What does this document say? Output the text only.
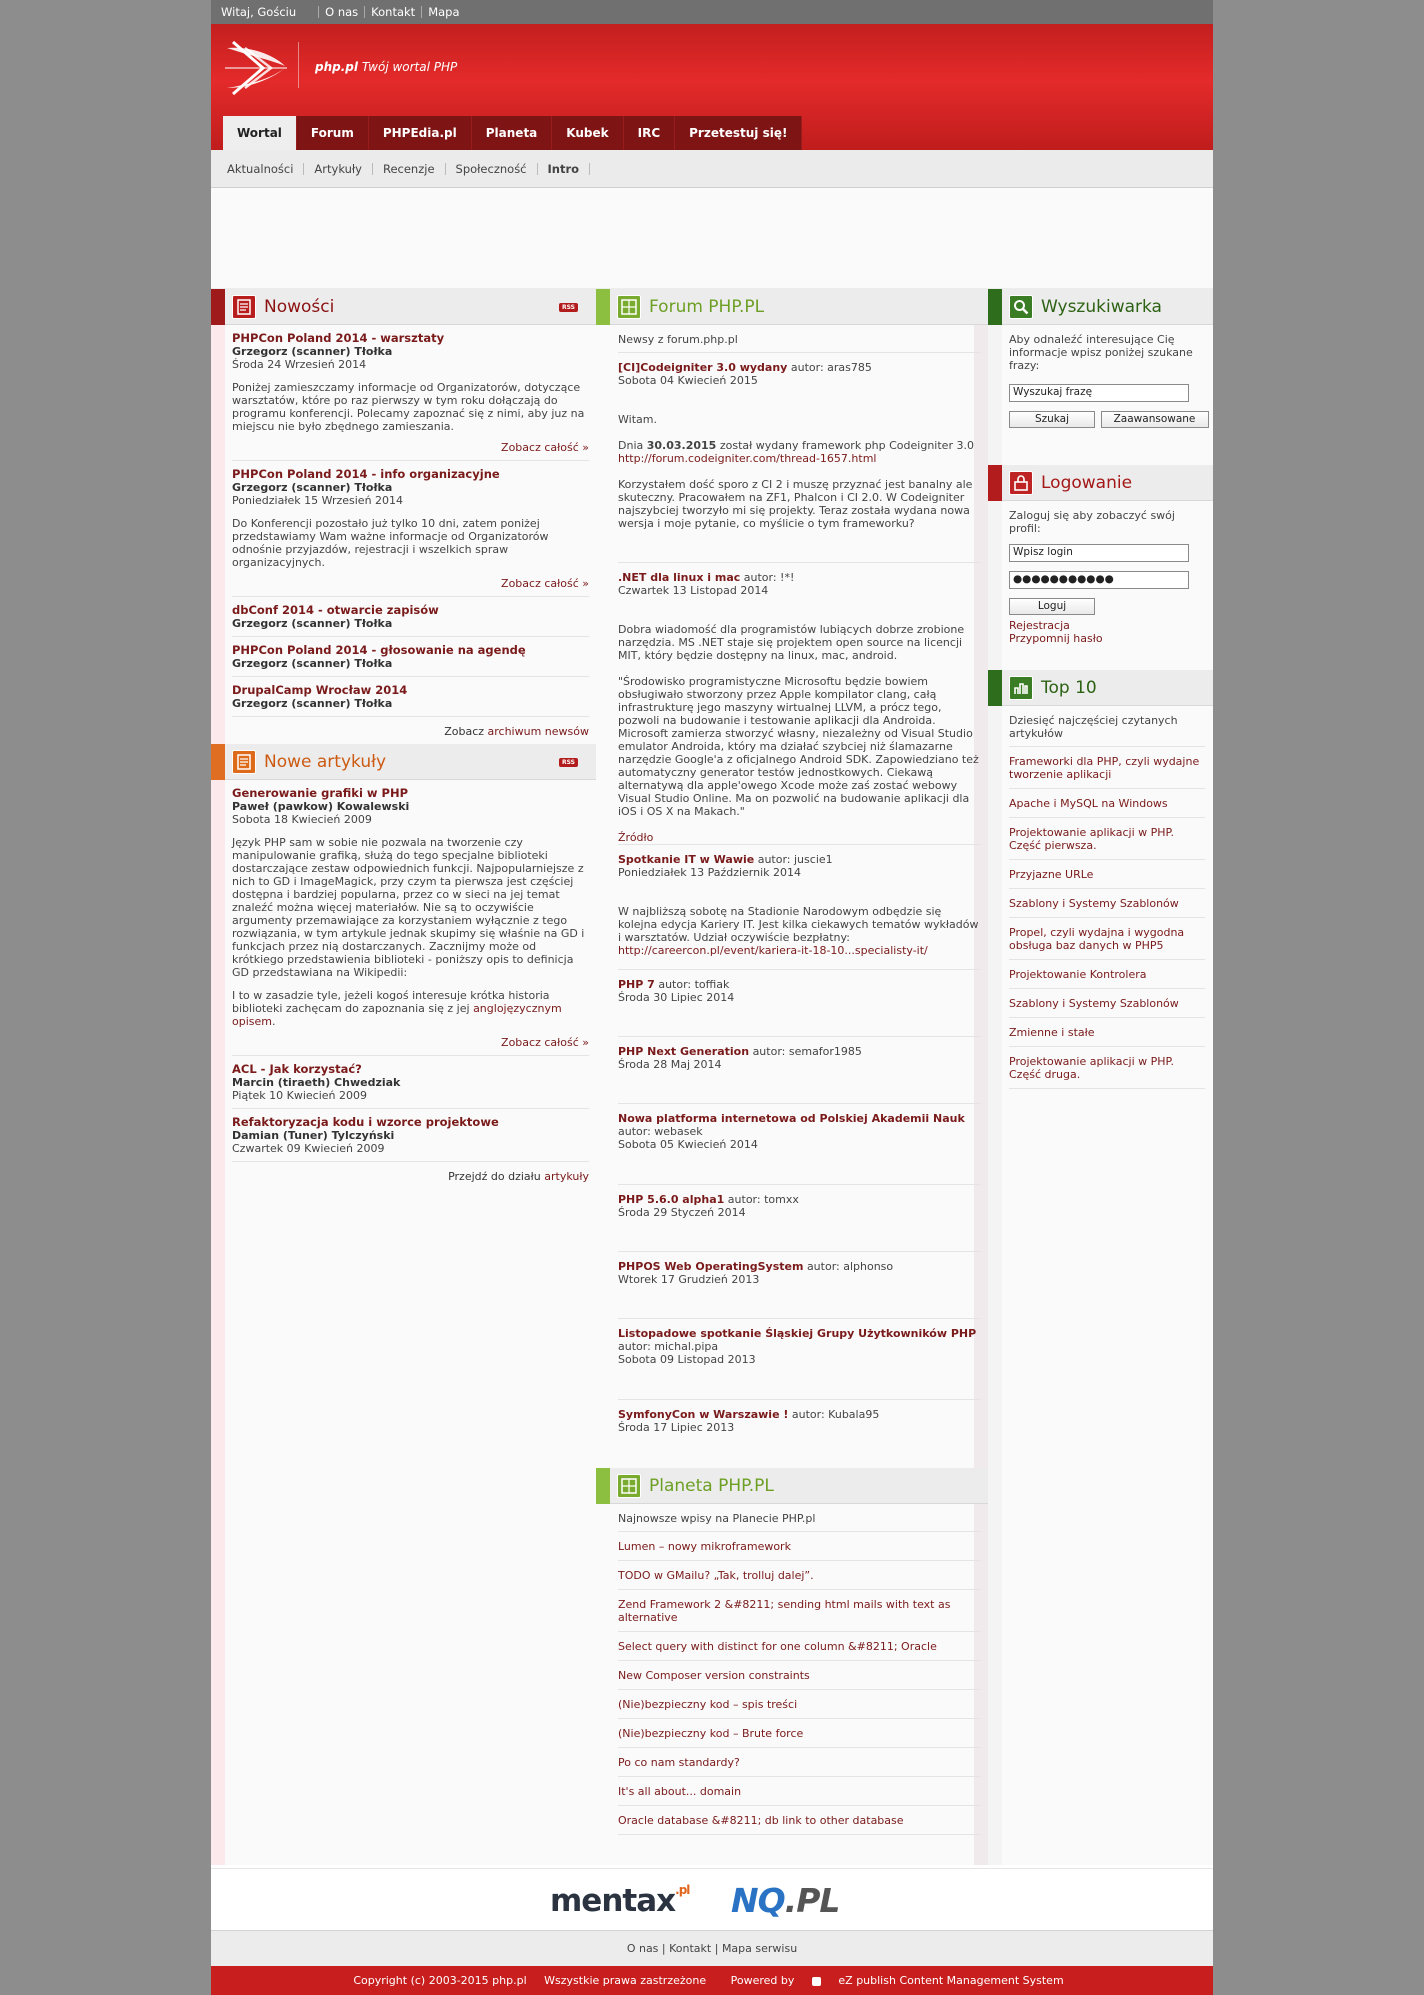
Witaj, Gościu	O nas Kontakt Mapa
php.pl Twój wortal PHP
Wortal	Forum	PHPEdia.pl	Planeta	Kubek	IRC	Przetestuj się!
Aktualności	Artykuły	Recenzje	Społeczność	Intro
Nowości	RSS
PHPCon Poland 2014 - warsztaty
Grzegorz (scanner) Tłołka
Środa 24 Wrzesień 2014
Poniżej zamieszczamy informacje od Organizatorów, dotyczące warsztatów, które po raz pierwszy w tym roku dołączają do programu konferencji. Polecamy zapoznać się z nimi, aby juz na miejscu nie było zbędnego zamieszania.
Zobacz całość »
PHPCon Poland 2014 - info organizacyjne
Grzegorz (scanner) Tłołka
Poniedziałek 15 Wrzesień 2014
Do Konferencji pozostało już tylko 10 dni, zatem poniżej przedstawiamy Wam ważne informacje od Organizatorów odnośnie przyjazdów, rejestracji i wszelkich spraw organizacyjnych.
Zobacz całość »
dbConf 2014 - otwarcie zapisów
Grzegorz (scanner) Tłołka
PHPCon Poland 2014 - głosowanie na agendę
Grzegorz (scanner) Tłołka
DrupalCamp Wrocław 2014
Grzegorz (scanner) Tłołka
Zobacz archiwum newsów
Nowe artykuły	RSS
Generowanie grafiki w PHP
Paweł (pawkow) Kowalewski
Sobota 18 Kwiecień 2009
Język PHP sam w sobie nie pozwala na tworzenie czy manipulowanie grafiką, służą do tego specjalne biblioteki dostarczające zestaw odpowiednich funkcji. Najpopularniejsze z nich to GD i ImageMagick, przy czym ta pierwsza jest częściej dostępna i bardziej popularna, przez co w sieci na jej temat znaleźć można więcej materiałów. Nie są to oczywiście argumenty przemawiające za korzystaniem wyłącznie z tego rozwiązania, w tym artykule jednak skupimy się właśnie na GD i funkcjach przez nią dostarczanych. Zacznijmy może od krótkiego przedstawienia biblioteki - poniższy opis to definicja GD przedstawiana na Wikipedii:
I to w zasadzie tyle, jeżeli kogoś interesuje krótka historia biblioteki zachęcam do zapoznania się z jej anglojęzycznym opisem.
Zobacz całość »
ACL - Jak korzystać?
Marcin (tiraeth) Chwedziak
Piątek 10 Kwiecień 2009
Refaktoryzacja kodu i wzorce projektowe
Damian (Tuner) Tylczyński
Czwartek 09 Kwiecień 2009
Przejdź do działu artykuły
Forum PHP.PL
Newsy z forum.php.pl
[CI]Codeigniter 3.0 wydany autor: aras785
Sobota 04 Kwiecień 2015

Witam.

Dnia 30.03.2015 został wydany framework php Codeigniter 3.0
http://forum.codeigniter.com/thread-1657.html

Korzystałem dość sporo z CI 2 i muszę przyznać jest banalny ale skuteczny. Pracowałem na ZF1, Phalcon i CI 2.0. W Codeigniter najszybciej tworzyło mi się projekty. Teraz została wydana nowa wersja i moje pytanie, co myślicie o tym frameworku?

.NET dla linux i mac autor: !*!
Czwartek 13 Listopad 2014

Dobra wiadomość dla programistów lubiących dobrze zrobione narzędzia. MS .NET staje się projektem open source na licencji MIT, który będzie dostępny na linux, mac, android.

"Środowisko programistyczne Microsoftu będzie bowiem obsługiwało stworzony przez Apple kompilator clang, całą infrastrukturę jego maszyny wirtualnej LLVM, a prócz tego, pozwoli na budowanie i testowanie aplikacji dla Androida. Microsoft zamierza stworzyć własny, niezależny od Visual Studio emulator Androida, który ma działać szybciej niż ślamazarne narzędzie Google'a z oficjalnego Android SDK. Zapowiedziano też automatyczny generator testów jednostkowych. Ciekawą alternatywą dla apple'owego Xcode może zaś zostać webowy Visual Studio Online. Ma on pozwolić na budowanie aplikacji dla iOS i OS X na Makach."

Źródło

Spotkanie IT w Wawie autor: juscie1
Poniedziałek 13 Październik 2014

W najbliższą sobotę na Stadionie Narodowym odbędzie się kolejna edycja Kariery IT. Jest kilka ciekawych tematów wykładów i warsztatów. Udział oczywiście bezpłatny:

http://careercon.pl/event/kariera-it-18-10...specialisty-it/

PHP 7 autor: toffiak
Środa 30 Lipiec 2014
PHP Next Generation autor: semafor1985
Środa 28 Maj 2014
Nowa platforma internetowa od Polskiej Akademii Nauk autor: webasek
Sobota 05 Kwiecień 2014
PHP 5.6.0 alpha1 autor: tomxx
Środa 29 Styczeń 2014
PHPOS Web OperatingSystem autor: alphonso
Wtorek 17 Grudzień 2013
Listopadowe spotkanie Śląskiej Grupy Użytkowników PHP autor: michal.pipa
Sobota 09 Listopad 2013
SymfonyCon w Warszawie ! autor: Kubala95
Środa 17 Lipiec 2013
Planeta PHP.PL
Najnowsze wpisy na Planecie PHP.pl
Lumen – nowy mikroframework
TODO w GMailu? „Tak, trolluj dalej”.
Zend Framework 2 &#8211; sending html mails with text as alternative
Select query with distinct for one column &#8211; Oracle
New Composer version constraints
(Nie)bezpieczny kod – spis treści
(Nie)bezpieczny kod – Brute force
Po co nam standardy?
It's all about... domain
Oracle database &#8211; db link to other database
Wyszukiwarka
Aby odnaleźć interesujące Cię informacje wpisz poniżej szukane frazy:
Wyszukaj frazę
Szukaj	Zaawansowane
Logowanie
Zaloguj się aby zobaczyć swój profil:
Wpisz login
●●●●●●●●●●●
Loguj
Rejestracja
Przypomnij hasło
Top 10
Dziesięć najczęściej czytanych artykułów
Frameworki dla PHP, czyli wydajne tworzenie aplikacji
Apache i MySQL na Windows
Projektowanie aplikacji w PHP. Część pierwsza.
Przyjazne URLe
Szablony i Systemy Szablonów
Propel, czyli wydajna i wygodna obsługa baz danych w PHP5
Projektowanie Kontrolera
Szablony i Systemy Szablonów
Zmienne i stałe
Projektowanie aplikacji w PHP. Część druga.
mentax$^{.pl}$ NQ.PL
O nas | Kontakt | Mapa serwisu
Copyright (c) 2003-2015 php.pl Wszystkie prawa zastrzeżone Powered by	eZ publish Content Management System
